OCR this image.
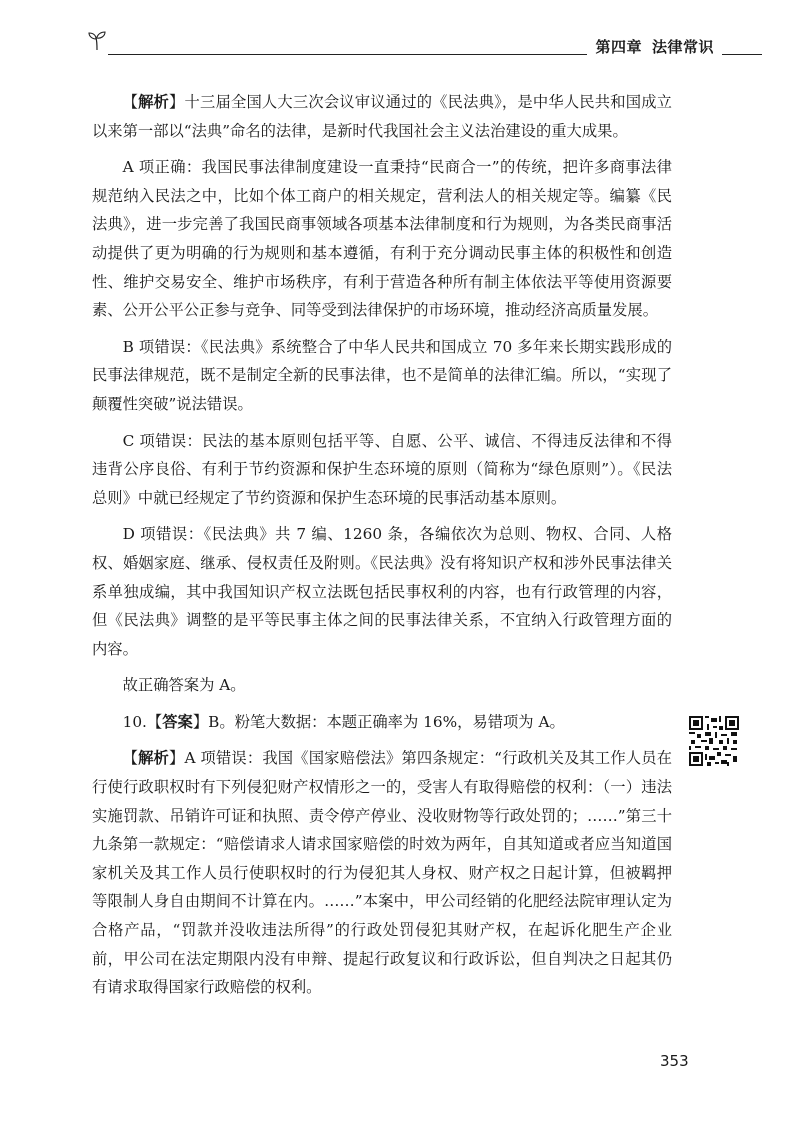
第四章 法律常识

【解析】十三届全国人大三次会议审议通过的《民法典》，是中华人民共和国成立以来第一部以“法典”命名的法律，是新时代我国社会主义法治建设的重大成果。

A 项正确：我国民事法律制度建设一直秉持“民商合一”的传统，把许多商事法律规范纳入民法之中，比如个体工商户的相关规定，营利法人的相关规定等。编纂《民法典》，进一步完善了我国民商事领域各项基本法律制度和行为规则，为各类民商事活动提供了更为明确的行为规则和基本遵循，有利于充分调动民事主体的积极性和创造性、维护交易安全、维护市场秩序，有利于营造各种所有制主体依法平等使用资源要素、公开公平公正参与竞争、同等受到法律保护的市场环境，推动经济高质量发展。

B 项错误：《民法典》系统整合了中华人民共和国成立 70 多年来长期实践形成的民事法律规范，既不是制定全新的民事法律，也不是简单的法律汇编。所以，“实现了颠覆性突破”说法错误。

C 项错误：民法的基本原则包括平等、自愿、公平、诚信、不得违反法律和不得违背公序良俗、有利于节约资源和保护生态环境的原则（简称为“绿色原则”）。《民法总则》中就已经规定了节约资源和保护生态环境的民事活动基本原则。

D 项错误：《民法典》共 7 编、1260 条，各编依次为总则、物权、合同、人格权、婚姻家庭、继承、侵权责任及附则。《民法典》没有将知识产权和涉外民事法律关系单独成编，其中我国知识产权立法既包括民事权利的内容，也有行政管理的内容，但《民法典》调整的是平等民事主体之间的民事法律关系，不宜纳入行政管理方面的内容。

故正确答案为 A。

10.【答案】B。粉笔大数据：本题正确率为 16%，易错项为 A。

【解析】A 项错误：我国《国家赔偿法》第四条规定：“行政机关及其工作人员在行使行政职权时有下列侵犯财产权情形之一的，受害人有取得赔偿的权利：（一）违法实施罚款、吊销许可证和执照、责令停产停业、没收财物等行政处罚的；……”第三十九条第一款规定：“赔偿请求人请求国家赔偿的时效为两年，自其知道或者应当知道国家机关及其工作人员行使职权时的行为侵犯其人身权、财产权之日起计算，但被羁押等限制人身自由期间不计算在内。……”本案中，甲公司经销的化肥经法院审理认定为合格产品，“罚款并没收违法所得”的行政处罚侵犯其财产权，在起诉化肥生产企业前，甲公司在法定期限内没有申辩、提起行政复议和行政诉讼，但自判决之日起其仍有请求取得国家行政赔偿的权利。

353
